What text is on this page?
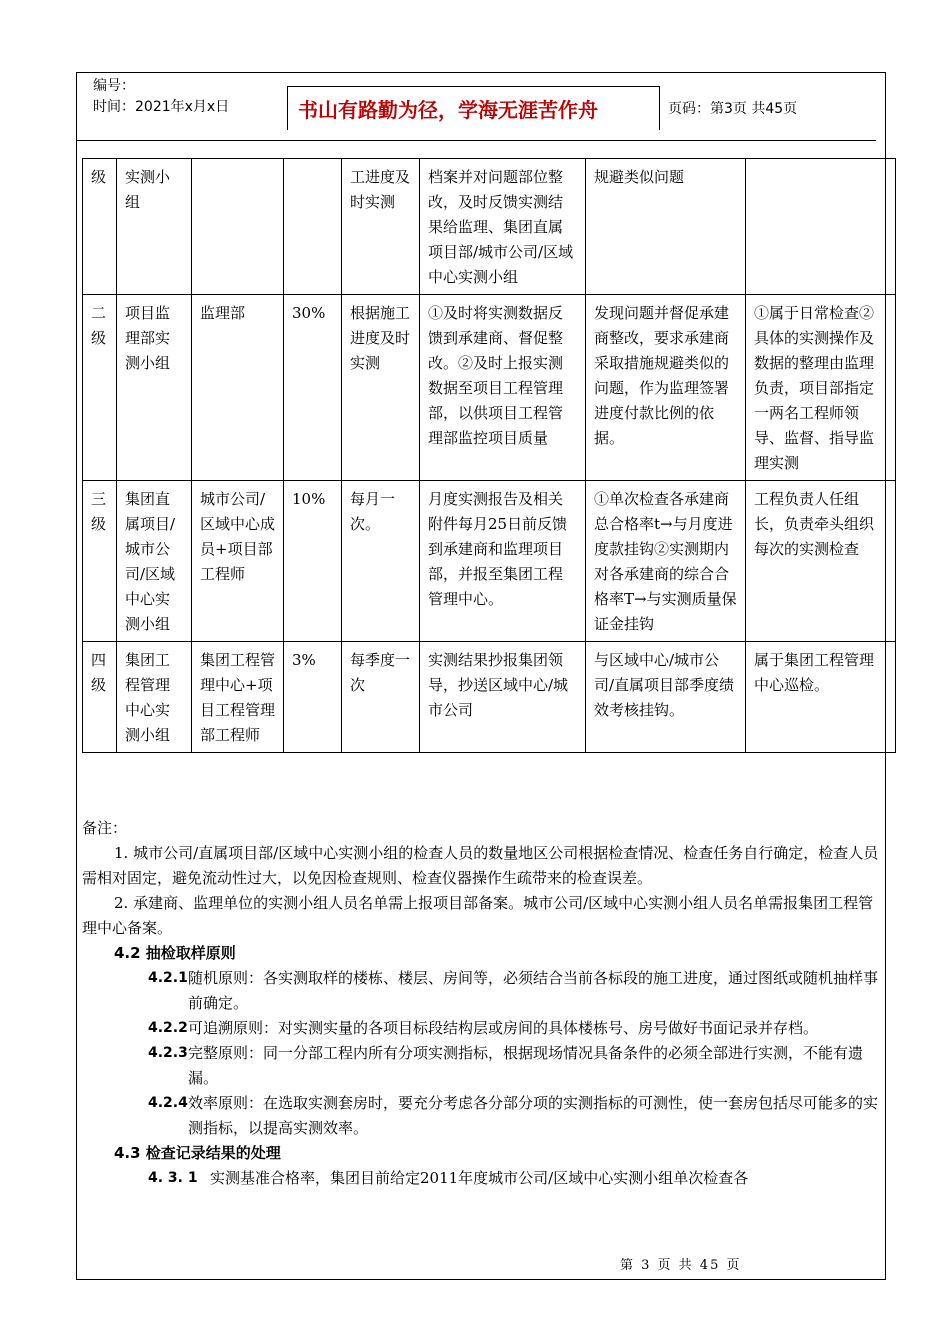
编号：
时间：2021年x月x日	书山有路勤为径，学海无涯苦作舟	页码：第3页 共45页
级	实测小组			工进度及时实测	档案并对问题部位整改，及时反馈实测结果给监理、集团直属项目部/城市公司/区域中心实测小组	规避类似问题	
二级	项目监理部实测小组	监理部	30%	根据施工进度及时实测	①及时将实测数据反馈到承建商、督促整改。②及时上报实测数据至项目工程管理部，以供项目工程管理部监控项目质量	发现问题并督促承建商整改，要求承建商采取措施规避类似的问题，作为监理签署进度付款比例的依据。	①属于日常检查②具体的实测操作及数据的整理由监理负责，项目部指定一两名工程师领导、监督、指导监理实测
三级	集团直属项目/城市公司/区域中心实测小组	城市公司/区域中心成员+项目部工程师	10%	每月一次。	月度实测报告及相关附件每月25日前反馈到承建商和监理项目部，并报至集团工程管理中心。	①单次检查各承建商总合格率t→与月度进度款挂钩②实测期内对各承建商的综合合格率T→与实测质量保证金挂钩	工程负责人任组长，负责牵头组织每次的实测检查
四级	集团工程管理中心实测小组	集团工程管理中心+项目工程管理部工程师	3%	每季度一次	实测结果抄报集团领导，抄送区域中心/城市公司	与区域中心/城市公司/直属项目部季度绩效考核挂钩。	属于集团工程管理中心巡检。

备注：

1. 城市公司/直属项目部/区域中心实测小组的检查人员的数量地区公司根据检查情况、检查任务自行确定，检查人员需相对固定，避免流动性过大，以免因检查规则、检查仪器操作生疏带来的检查误差。

2. 承建商、监理单位的实测小组人员名单需上报项目部备案。城市公司/区域中心实测小组人员名单需报集团工程管理中心备案。

4.2 抽检取样原则

4.2.1 随机原则：各实测取样的楼栋、楼层、房间等，必须结合当前各标段的施工进度，通过图纸或随机抽样事前确定。
4.2.2 可追溯原则：对实测实量的各项目标段结构层或房间的具体楼栋号、房号做好书面记录并存档。
4.2.3 完整原则：同一分部工程内所有分项实测指标，根据现场情况具备条件的必须全部进行实测，不能有遗漏。
4.2.4 效率原则：在选取实测套房时，要充分考虑各分部分项的实测指标的可测性，使一套房包括尽可能多的实测指标，以提高实测效率。

4.3 检查记录结果的处理

4. 3. 1 实测基准合格率，集团目前给定2011年度城市公司/区域中心实测小组单次检查各
第 3 页 共 45 页
